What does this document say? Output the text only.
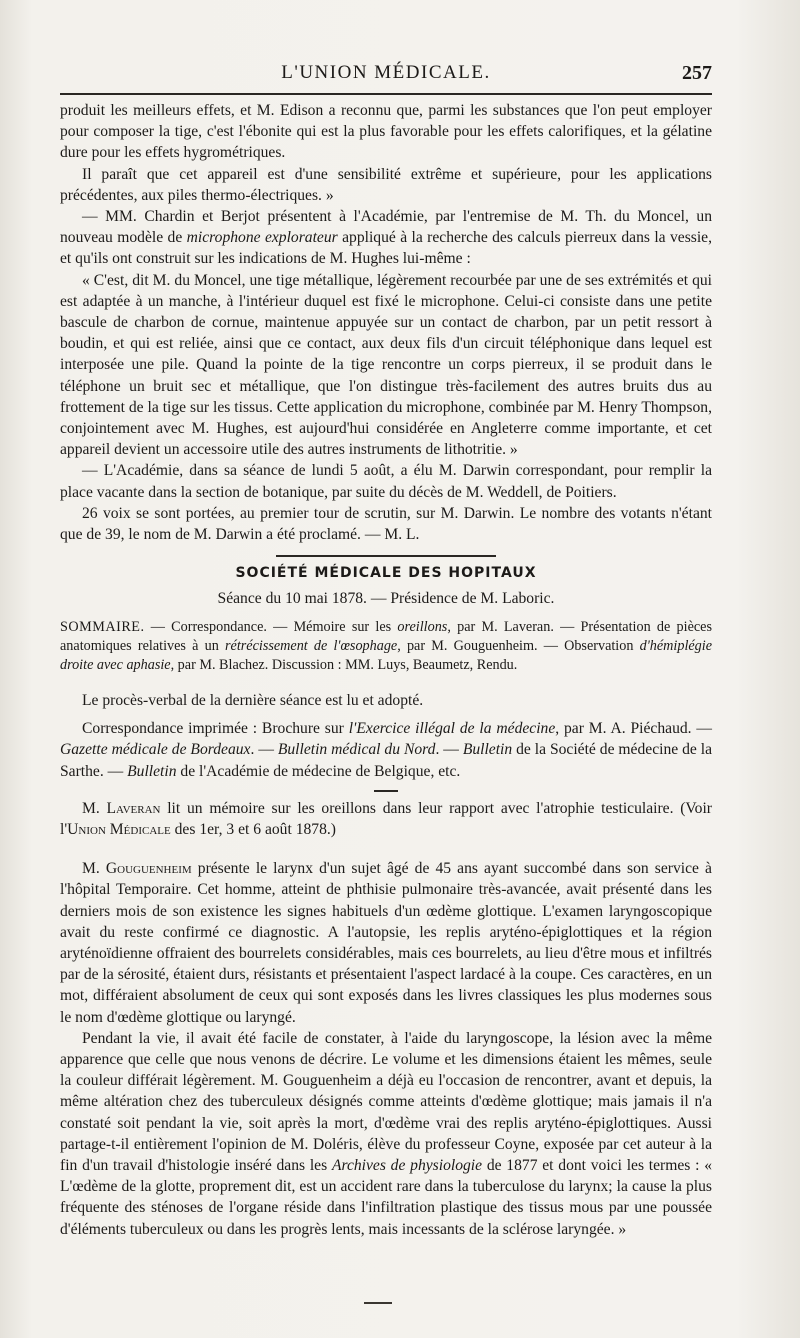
L'UNION MÉDICALE.	257

produit les meilleurs effets, et M. Edison a reconnu que, parmi les substances que l'on peut employer pour composer la tige, c'est l'ébonite qui est la plus favorable pour les effets calorifiques, et la gélatine dure pour les effets hygrométriques.

Il paraît que cet appareil est d'une sensibilité extrême et supérieure, pour les applications précédentes, aux piles thermo-électriques. »

— MM. Chardin et Berjot présentent à l'Académie, par l'entremise de M. Th. du Moncel, un nouveau modèle de microphone explorateur appliqué à la recherche des calculs pierreux dans la vessie, et qu'ils ont construit sur les indications de M. Hughes lui-même :

« C'est, dit M. du Moncel, une tige métallique, légèrement recourbée par une de ses extrémités et qui est adaptée à un manche, à l'intérieur duquel est fixé le microphone. Celui-ci consiste dans une petite bascule de charbon de cornue, maintenue appuyée sur un contact de charbon, par un petit ressort à boudin, et qui est reliée, ainsi que ce contact, aux deux fils d'un circuit téléphonique dans lequel est interposée une pile. Quand la pointe de la tige rencontre un corps pierreux, il se produit dans le téléphone un bruit sec et métallique, que l'on distingue très-facilement des autres bruits dus au frottement de la tige sur les tissus. Cette application du microphone, combinée par M. Henry Thompson, conjointement avec M. Hughes, est aujourd'hui considérée en Angleterre comme importante, et cet appareil devient un accessoire utile des autres instruments de lithotritie. »

— L'Académie, dans sa séance de lundi 5 août, a élu M. Darwin correspondant, pour remplir la place vacante dans la section de botanique, par suite du décès de M. Weddell, de Poitiers.

26 voix se sont portées, au premier tour de scrutin, sur M. Darwin. Le nombre des votants n'étant que de 39, le nom de M. Darwin a été proclamé. — M. L.

SOCIÉTÉ MÉDICALE DES HOPITAUX
Séance du 10 mai 1878. — Présidence de M. Laboric.

SOMMAIRE. — Correspondance. — Mémoire sur les oreillons, par M. Laveran. — Présentation de pièces anatomiques relatives à un rétrécissement de l'œsophage, par M. Gouguenheim. — Observation d'hémiplégie droite avec aphasie, par M. Blachez. Discussion : MM. Luys, Beaumetz, Rendu.

Le procès-verbal de la dernière séance est lu et adopté.

Correspondance imprimée : Brochure sur l'Exercice illégal de la médecine, par M. A. Piéchaud. — Gazette médicale de Bordeaux. — Bulletin médical du Nord. — Bulletin de la Société de médecine de la Sarthe. — Bulletin de l'Académie de médecine de Belgique, etc.

M. Laveran lit un mémoire sur les oreillons dans leur rapport avec l'atrophie testiculaire. (Voir l'Union Médicale des 1er, 3 et 6 août 1878.)

M. Gouguenheim présente le larynx d'un sujet âgé de 45 ans ayant succombé dans son service à l'hôpital Temporaire. Cet homme, atteint de phthisie pulmonaire très-avancée, avait présenté dans les derniers mois de son existence les signes habituels d'un œdème glottique. L'examen laryngoscopique avait du reste confirmé ce diagnostic. A l'autopsie, les replis aryténo-épiglottiques et la région aryténoïdienne offraient des bourrelets considérables, mais ces bourrelets, au lieu d'être mous et infiltrés par de la sérosité, étaient durs, résistants et présentaient l'aspect lardacé à la coupe. Ces caractères, en un mot, différaient absolument de ceux qui sont exposés dans les livres classiques les plus modernes sous le nom d'œdème glottique ou laryngé.

Pendant la vie, il avait été facile de constater, à l'aide du laryngoscope, la lésion avec la même apparence que celle que nous venons de décrire. Le volume et les dimensions étaient les mêmes, seule la couleur différait légèrement. M. Gouguenheim a déjà eu l'occasion de rencontrer, avant et depuis, la même altération chez des tuberculeux désignés comme atteints d'œdème glottique; mais jamais il n'a constaté soit pendant la vie, soit après la mort, d'œdème vrai des replis aryténo-épiglottiques. Aussi partage-t-il entièrement l'opinion de M. Doléris, élève du professeur Coyne, exposée par cet auteur à la fin d'un travail d'histologie inséré dans les Archives de physiologie de 1877 et dont voici les termes : « L'œdème de la glotte, proprement dit, est un accident rare dans la tuberculose du larynx; la cause la plus fréquente des sténoses de l'organe réside dans l'infiltration plastique des tissus mous par une poussée d'éléments tuberculeux ou dans les progrès lents, mais incessants de la sclérose laryngée. »
